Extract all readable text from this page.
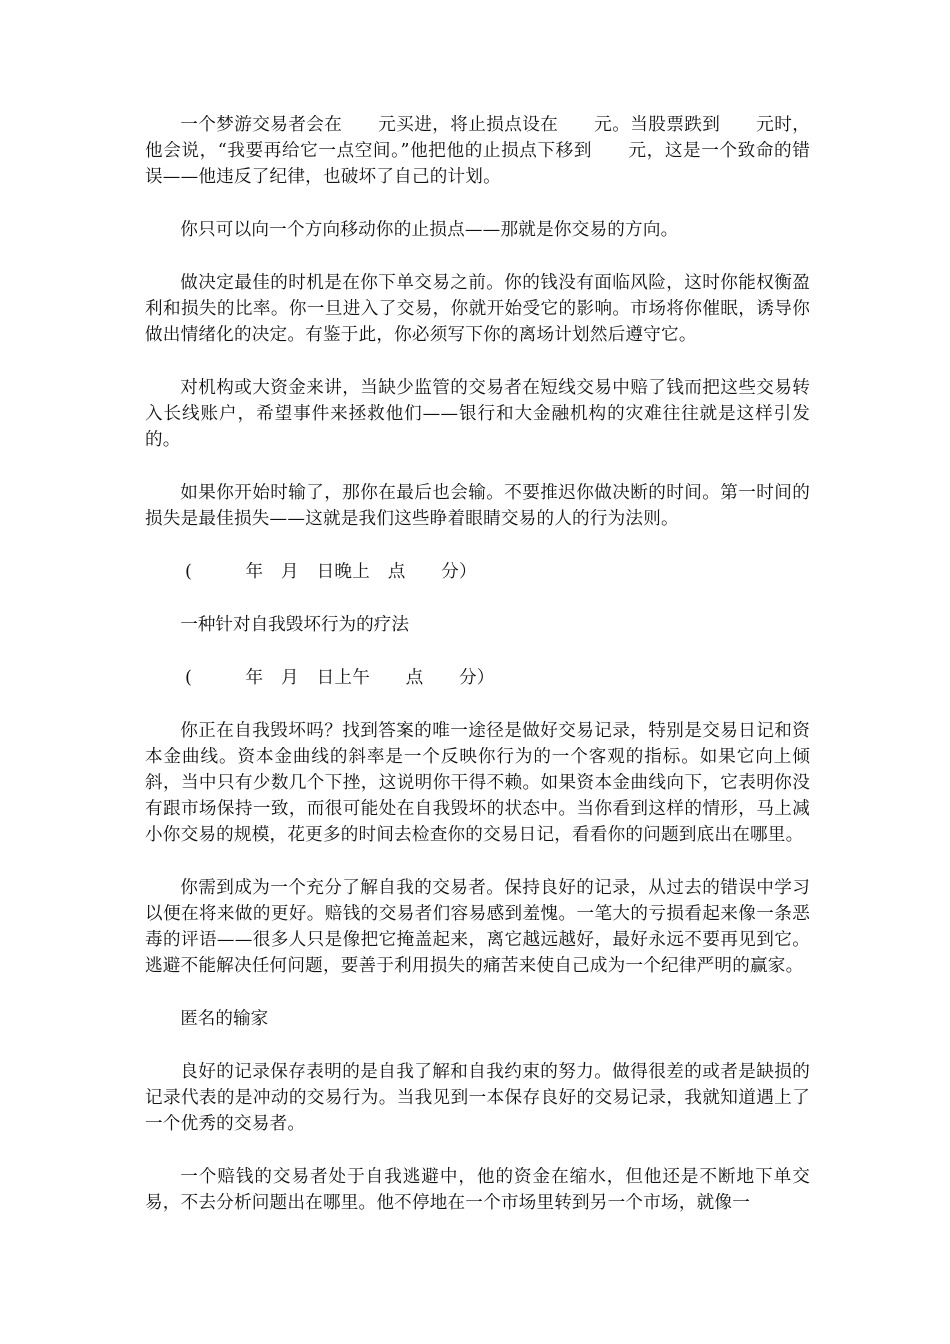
一个梦游交易者会在　　元买进，将止损点设在　　元。当股票跌到　　元时，他会说，“我要再给它一点空间。”他把他的止损点下移到　　元，这是一个致命的错误——他违反了纪律，也破坏了自己的计划。

你只可以向一个方向移动你的止损点——那就是你交易的方向。

做决定最佳的时机是在你下单交易之前。你的钱没有面临风险，这时你能权衡盈利和损失的比率。你一旦进入了交易，你就开始受它的影响。市场将你催眠，诱导你做出情绪化的决定。有鉴于此，你必须写下你的离场计划然后遵守它。

对机构或大资金来讲，当缺少监管的交易者在短线交易中赔了钱而把这些交易转入长线账户，希望事件来拯救他们——银行和大金融机构的灾难往往就是这样引发的。

如果你开始时输了，那你在最后也会输。不要推迟你做决断的时间。第一时间的损失是最佳损失——这就是我们这些睁着眼睛交易的人的行为法则。

(　　　年　月　日晚上　点　　分）

一种针对自我毁坏行为的疗法

(　　　年　月　日上午　　点　　分）

你正在自我毁坏吗？找到答案的唯一途径是做好交易记录，特别是交易日记和资本金曲线。资本金曲线的斜率是一个反映你行为的一个客观的指标。如果它向上倾斜，当中只有少数几个下挫，这说明你干得不赖。如果资本金曲线向下，它表明你没有跟市场保持一致，而很可能处在自我毁坏的状态中。当你看到这样的情形，马上减小你交易的规模，花更多的时间去检查你的交易日记，看看你的问题到底出在哪里。

你需到成为一个充分了解自我的交易者。保持良好的记录，从过去的错误中学习以便在将来做的更好。赔钱的交易者们容易感到羞愧。一笔大的亏损看起来像一条恶毒的评语——很多人只是像把它掩盖起来，离它越远越好，最好永远不要再见到它。逃避不能解决任何问题，要善于利用损失的痛苦来使自己成为一个纪律严明的赢家。

匿名的输家

良好的记录保存表明的是自我了解和自我约束的努力。做得很差的或者是缺损的记录代表的是冲动的交易行为。当我见到一本保存良好的交易记录，我就知道遇上了一个优秀的交易者。

一个赔钱的交易者处于自我逃避中，他的资金在缩水，但他还是不断地下单交易，不去分析问题出在哪里。他不停地在一个市场里转到另一个市场，就像一
